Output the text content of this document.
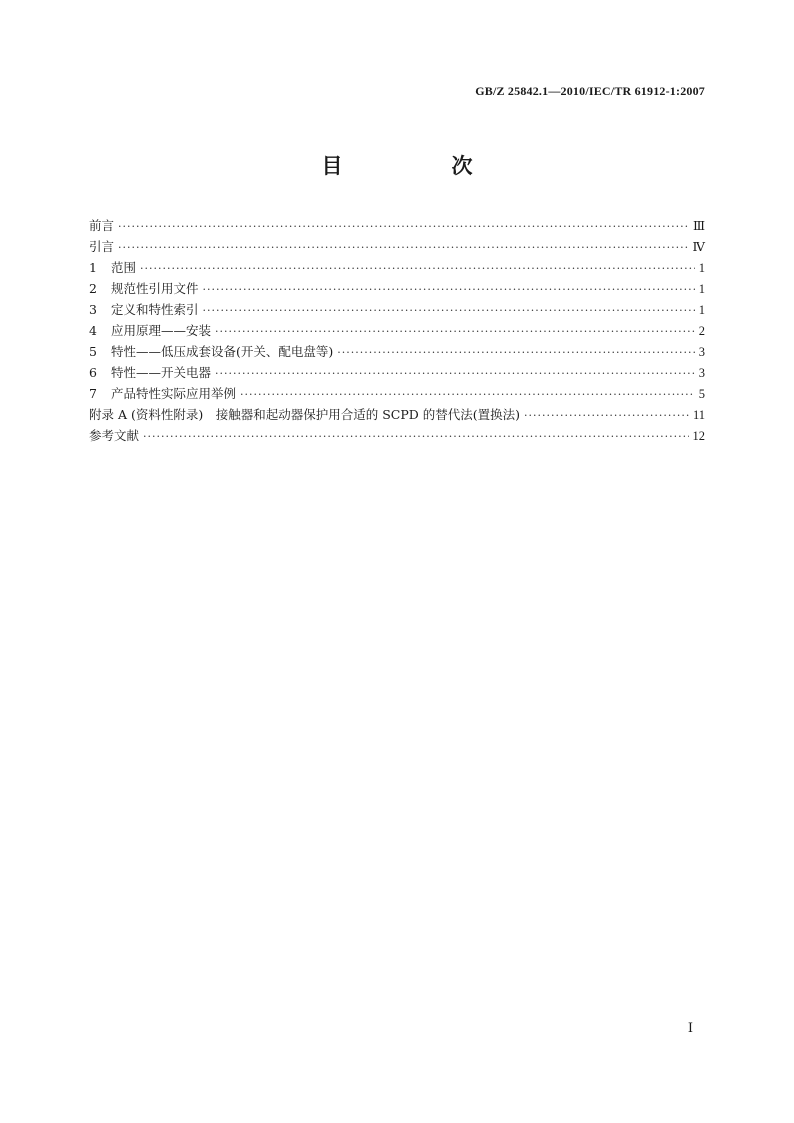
GB/Z 25842.1—2010/IEC/TR 61912-1:2007
目　次
前言 ·····	Ⅲ
引言 ·····	Ⅳ
1	范围 ·····	1
2	规范性引用文件 ·····	1
3	定义和特性索引 ·····	1
4	应用原理——安装 ·····	2
5	特性——低压成套设备(开关、配电盘等) ·····	3
6	特性——开关电器 ·····	3
7	产品特性实际应用举例 ·····	5
附录 A (资料性附录)　接触器和起动器保护用合适的 SCPD 的替代法(置换法) ·····	11
参考文献 ·····	12
Ⅰ
